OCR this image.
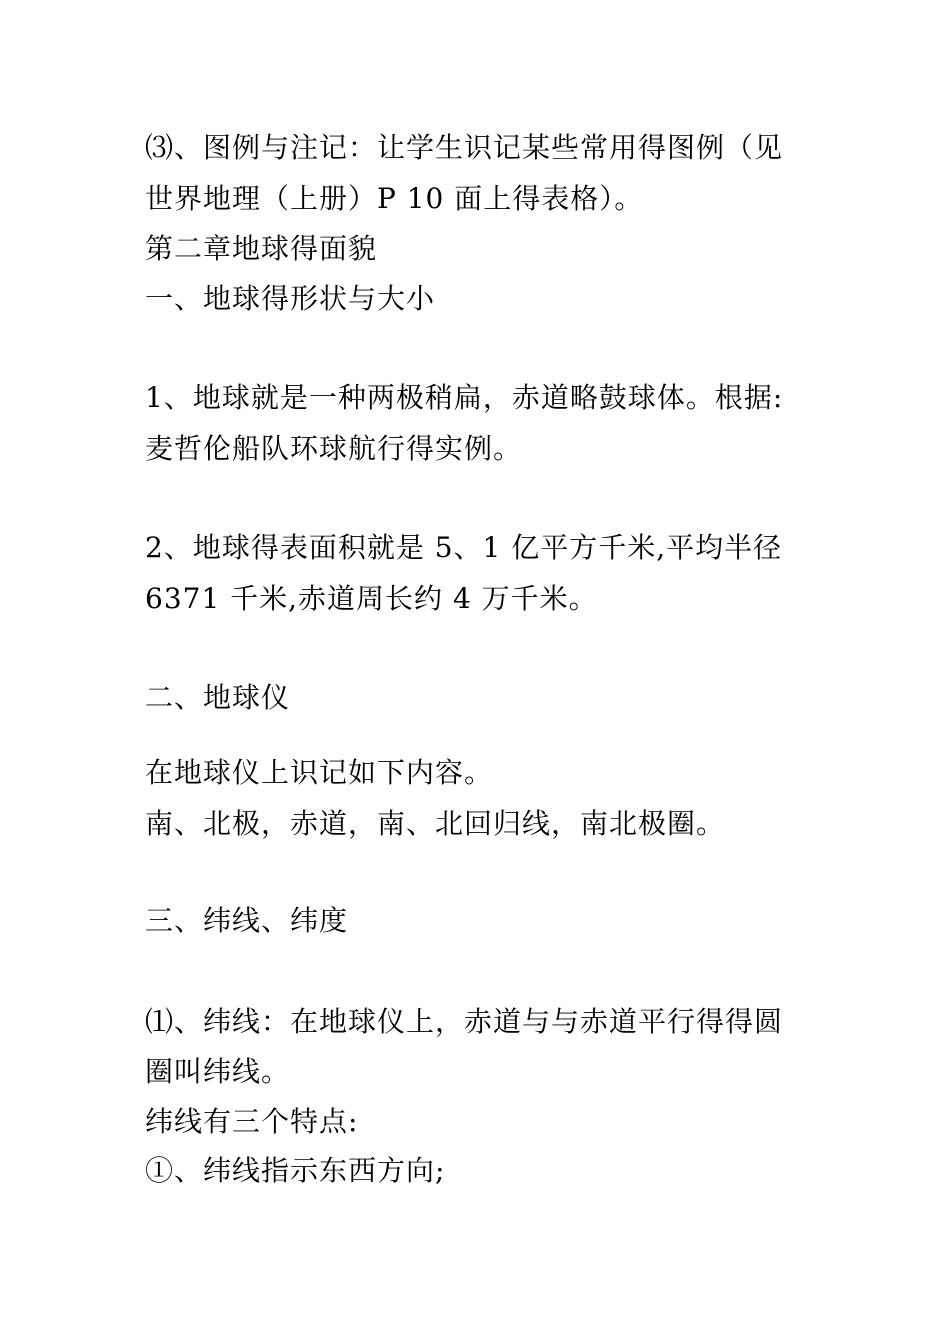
⑶、图例与注记：让学生识记某些常用得图例（见
世界地理（上册）P 10 面上得表格）。
第二章地球得面貌
一、地球得形状与大小
1、地球就是一种两极稍扁，赤道略鼓球体。根据:
麦哲伦船队环球航行得实例。
2、地球得表面积就是 5、1 亿平方千米,平均半径
6371 千米,赤道周长约 4 万千米。
二、地球仪
在地球仪上识记如下内容。
南、北极，赤道，南、北回归线，南北极圈。
三、纬线、纬度
⑴、纬线：在地球仪上，赤道与与赤道平行得得圆
圈叫纬线。
纬线有三个特点:
①、纬线指示东西方向;
